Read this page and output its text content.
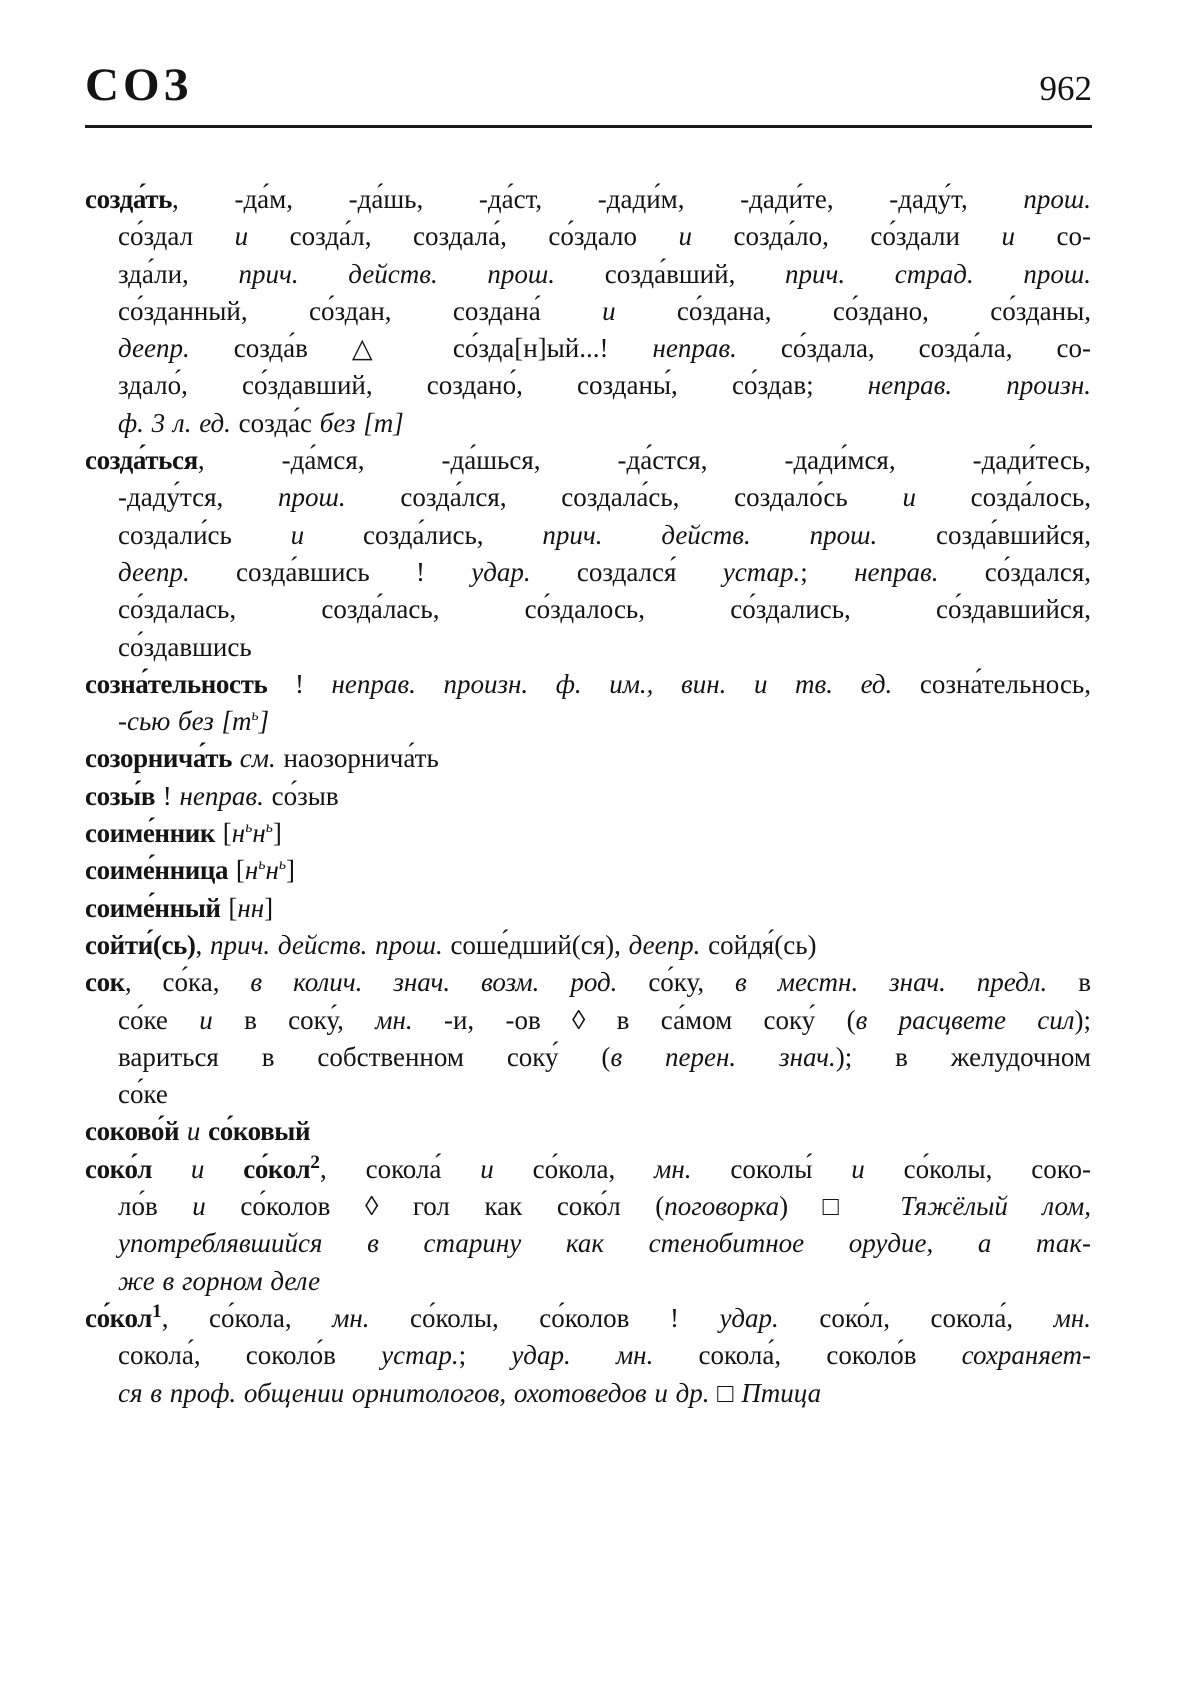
СОЗ	962
созда́ть, -да́м, -да́шь, -да́ст, -дади́м, -дади́те, -даду́т, прош.
со́здал и созда́л, создала́, со́здало и созда́ло, со́здали и со-
зда́ли, прич. действ. прош. созда́вший, прич. страд. прош.
со́зданный, со́здан, создана́ и со́здана, со́здано, со́зданы,
деепр. созда́в △ со́зда[н]ый...! неправ. со́здала, созда́ла, со-
здало́, со́здавший, создано́, созданы́, со́здав; неправ. произн.
ф. 3 л. ед. созда́с без [т]
созда́ться, -да́мся, -да́шься, -да́стся, -дади́мся, -дади́тесь,
-даду́тся, прош. созда́лся, создала́сь, создало́сь и созда́лось,
создали́сь и созда́лись, прич. действ. прош. созда́вшийся,
деепр. созда́вшись ! удар. создался́ устар.; неправ. со́здался,
со́здалась, созда́лась, со́здалось, со́здались, со́здавшийся,
со́здавшись
созна́тельность ! неправ. произн. ф. им., вин. и тв. ед. созна́тельнось,
-сью без $[т^ь]$
созорнича́ть см. наозорнича́ть
созы́в ! неправ. со́зыв
соиме́нник $[н^ьн^ь]$
соиме́нница $[н^ьн^ь]$
соиме́нный [нн]
сойти́(сь), прич. действ. прош. соше́дший(ся), деепр. сойдя́(сь)
сок, со́ка, в колич. знач. возм. род. со́ку, в местн. знач. предл. в
со́ке и в соку́, мн. -и, -ов ◊ в са́мом соку́ (в расцвете сил);
вариться в собственном соку́ (в перен. знач.); в желудочном
со́ке
соково́й и со́ковый
соко́л и со́кол$^2$, сокола́ и со́кола, мн. соколы́ и со́колы, соко-
ло́в и со́колов ◊ гол как соко́л (поговорка) □ Тяжёлый лом,
употреблявшийся в старину как стенобитное орудие, а так-
же в горном деле
со́кол$^1$, со́кола, мн. со́колы, со́колов ! удар. соко́л, сокола́, мн.
сокола́, соколо́в устар.; удар. мн. сокола́, соколо́в сохраняет-
ся в проф. общении орнитологов, охотоведов и др. □ Птица
